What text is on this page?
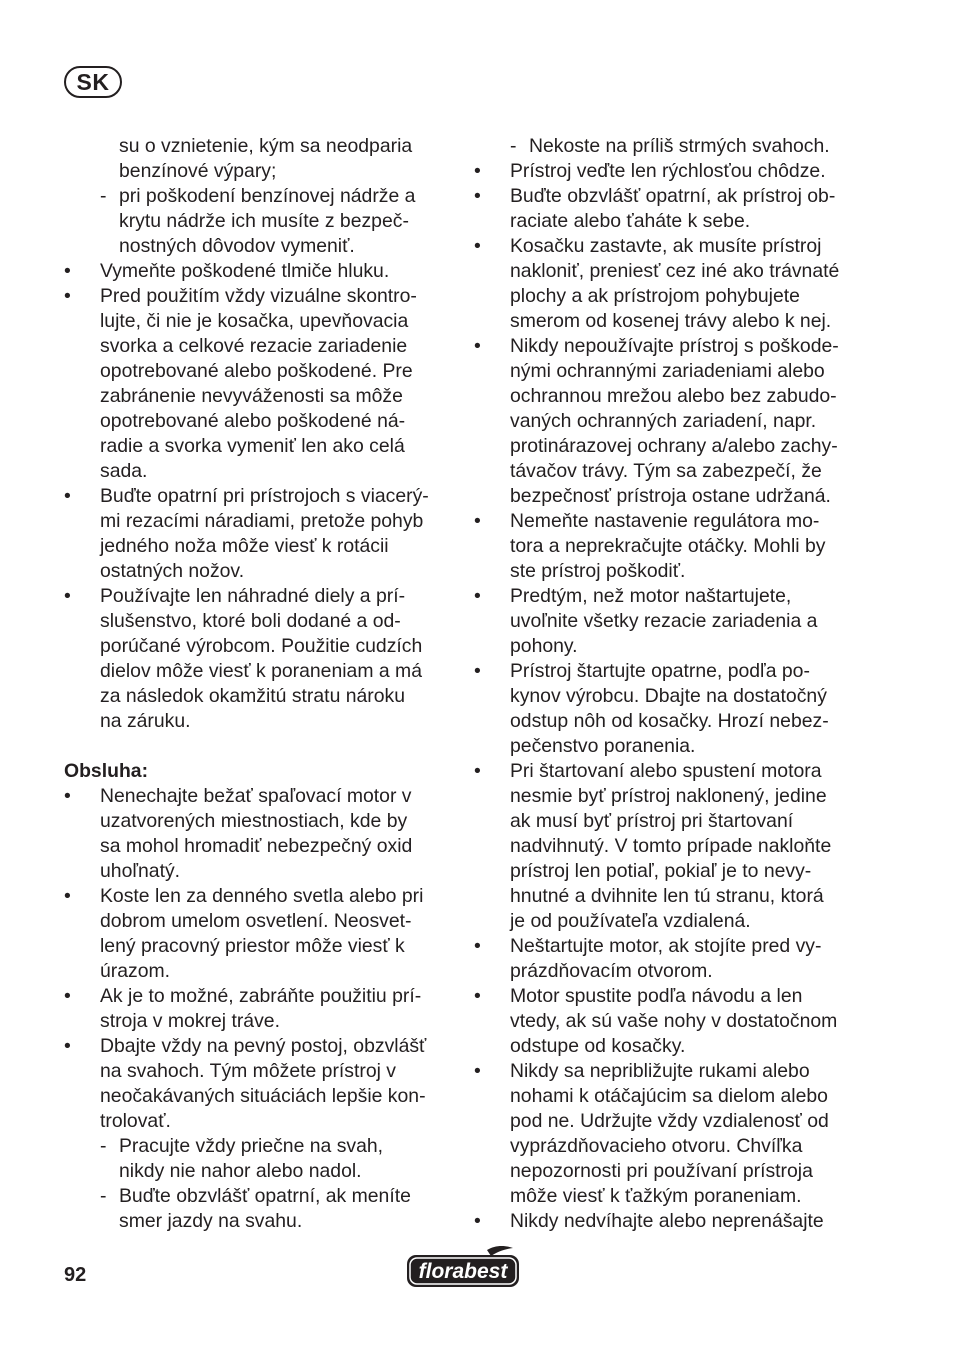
SK
su o vznietenie, kým sa neodparia
benzínové výpary;
- pri poškodení benzínovej nádrže a
krytu nádrže ich musíte z bezpeč-
nostných dôvodov vymeniť.
• Vymeňte poškodené tlmiče hluku.
• Pred použitím vždy vizuálne skontro-
lujte, či nie je kosačka, upevňovacia
svorka a celkové rezacie zariadenie
opotrebované alebo poškodené. Pre
zabránenie nevyváženosti sa môže
opotrebované alebo poškodené ná-
radie a svorka vymeniť len ako celá
sada.
• Buďte opatrní pri prístrojoch s viacerý-
mi rezacími náradiami, pretože pohyb
jedného noža môže viesť k rotácii
ostatných nožov.
• Používajte len náhradné diely a prí-
slušenstvo, ktoré boli dodané a od-
porúčané výrobcom. Použitie cudzích
dielov môže viesť k poraneniam a má
za následok okamžitú stratu nároku
na záruku.
Obsluha:
• Nenechajte bežať spaľovací motor v
uzatvorených miestnostiach, kde by
sa mohol hromadiť nebezpečný oxid
uhoľnatý.
• Koste len za denného svetla alebo pri
dobrom umelom osvetlení. Neosvet-
lený pracovný priestor môže viesť k
úrazom.
• Ak je to možné, zabráňte použitiu prí-
stroja v mokrej tráve.
• Dbajte vždy na pevný postoj, obzvlášť
na svahoch. Tým môžete prístroj v
neočakávaných situáciách lepšie kon-
trolovať.
- Pracujte vždy priečne na svah,
nikdy nie nahor alebo nadol.
- Buďte obzvlášť opatrní, ak meníte
smer jazdy na svahu.
- Nekoste na príliš strmých svahoch.
• Prístroj veďte len rýchlosťou chôdze.
• Buďte obzvlášť opatrní, ak prístroj ob-
raciate alebo ťaháte k sebe.
• Kosačku zastavte, ak musíte prístroj
nakloniť, preniesť cez iné ako trávnaté
plochy a ak prístrojom pohybujete
smerom od kosenej trávy alebo k nej.
• Nikdy nepoužívajte prístroj s poškode-
nými ochrannými zariadeniami alebo
ochrannou mrežou alebo bez zabudo-
vaných ochranných zariadení, napr.
protinárazovej ochrany a/alebo zachy-
távačov trávy. Tým sa zabezpečí, že
bezpečnosť prístroja ostane udržaná.
• Nemeňte nastavenie regulátora mo-
tora a neprekračujte otáčky. Mohli by
ste prístroj poškodiť.
• Predtým, než motor naštartujete,
uvoľnite všetky rezacie zariadenia a
pohony.
• Prístroj štartujte opatrne, podľa po-
kynov výrobcu. Dbajte na dostatočný
odstup nôh od kosačky. Hrozí nebez-
pečenstvo poranenia.
• Pri štartovaní alebo spustení motora
nesmie byť prístroj naklonený, jedine
ak musí byť prístroj pri štartovaní
nadvihnutý. V tomto prípade nakloňte
prístroj len potiaľ, pokiaľ je to nevy-
hnutné a dvihnite len tú stranu, ktorá
je od používateľa vzdialená.
• Neštartujte motor, ak stojíte pred vy-
prázdňovacím otvorom.
• Motor spustite podľa návodu a len
vtedy, ak sú vaše nohy v dostatočnom
odstupe od kosačky.
• Nikdy sa nepribližujte rukami alebo
nohami k otáčajúcim sa dielom alebo
pod ne. Udržujte vždy vzdialenosť od
vyprázdňovacieho otvoru. Chvíľka
nepozornosti pri používaní prístroja
môže viesť k ťažkým poraneniam.
• Nikdy nedvíhajte alebo neprenášajte
92	florabest
